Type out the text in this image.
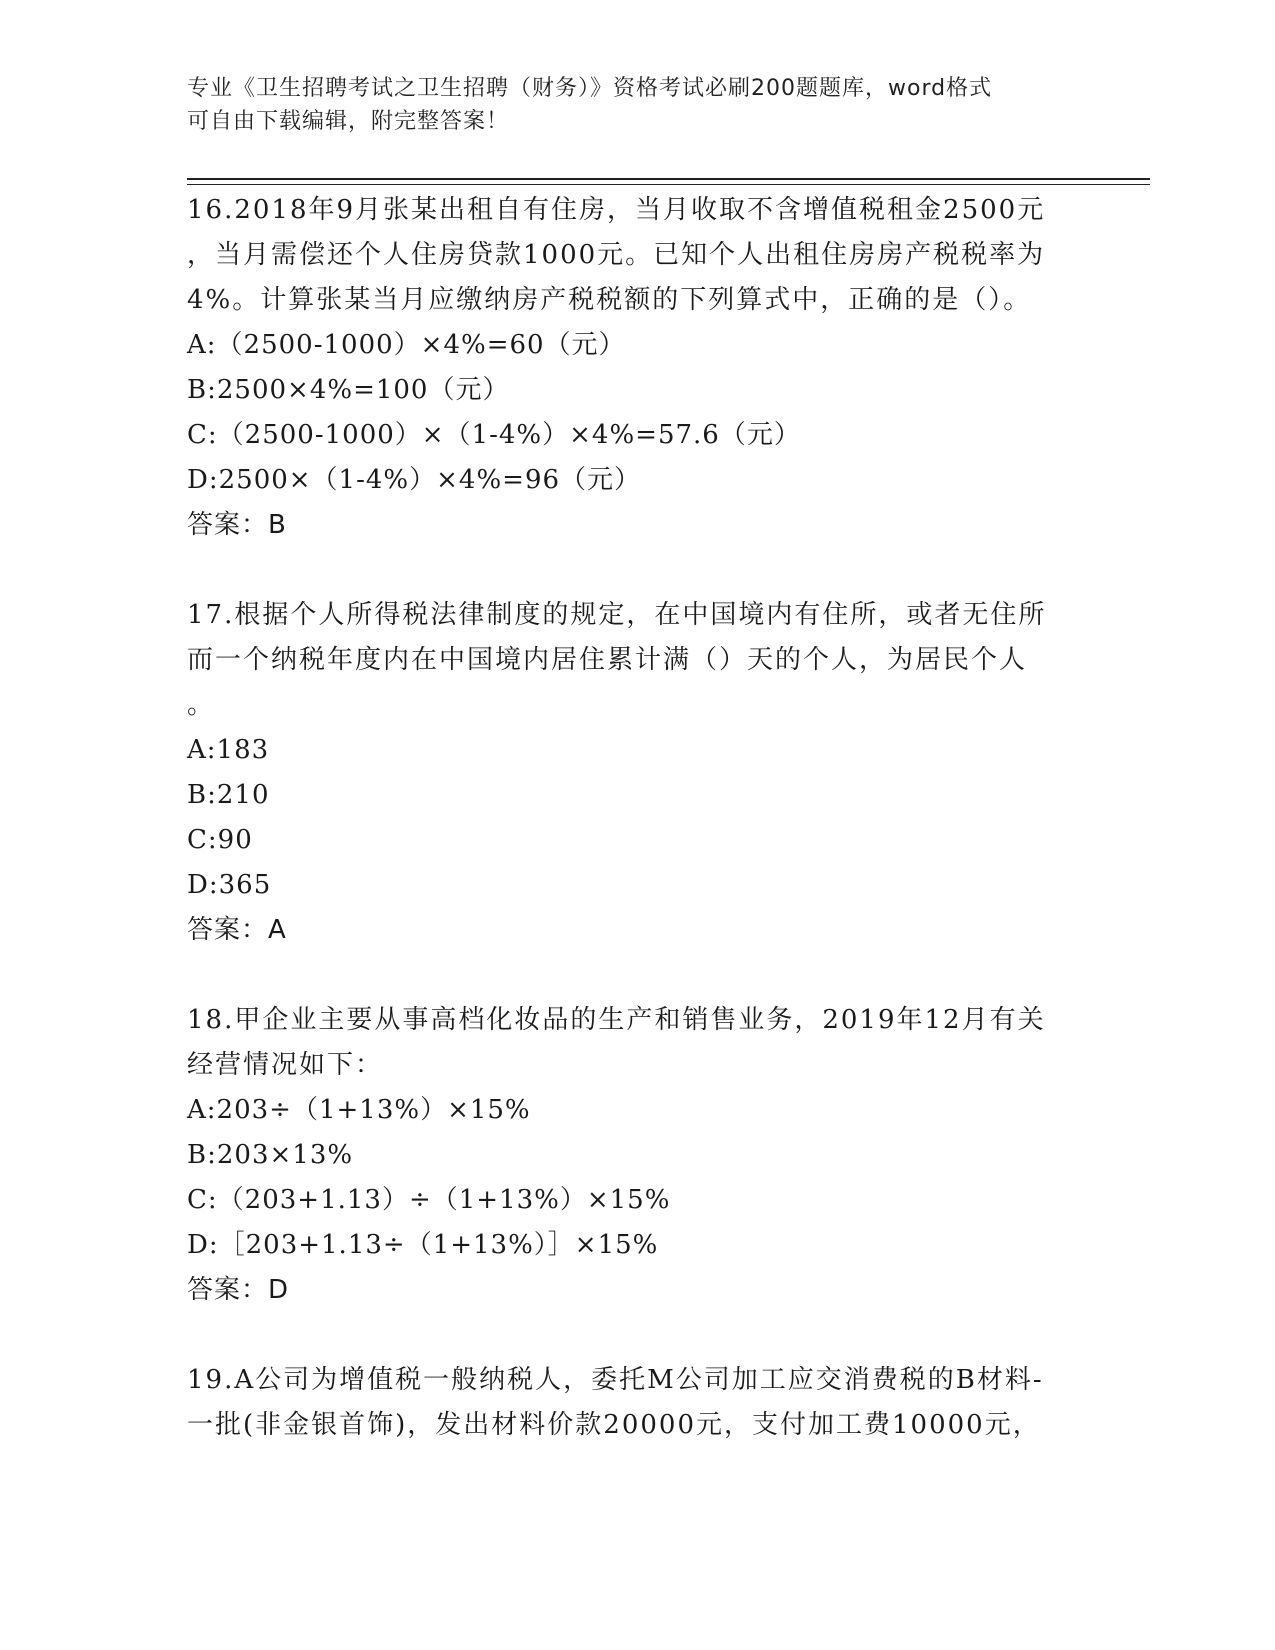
专业《卫生招聘考试之卫生招聘（财务）》资格考试必刷200题题库，word格式
可自由下载编辑，附完整答案！

16.2018年9月张某出租自有住房，当月收取不含增值税租金2500元

，当月需偿还个人住房贷款1000元。已知个人出租住房房产税税率为

4%。计算张某当月应缴纳房产税税额的下列算式中，正确的是（）。

A:（2500-1000）×4%=60（元）

B:2500×4%=100（元）

C:（2500-1000）×（1-4%）×4%=57.6（元）

D:2500×（1-4%）×4%=96（元）

答案：B

17.根据个人所得税法律制度的规定，在中国境内有住所，或者无住所

而一个纳税年度内在中国境内居住累计满（）天的个人，为居民个人

。

A:183

B:210

C:90

D:365

答案：A

18.甲企业主要从事高档化妆品的生产和销售业务，2019年12月有关

经营情况如下：

A:203÷（1+13%）×15%

B:203×13%

C:（203+1.13）÷（1+13%）×15%

D:［203+1.13÷（1+13%）］×15%

答案：D

19.A公司为增值税一般纳税人，委托M公司加工应交消费税的B材料-

一批(非金银首饰)，发出材料价款20000元，支付加工费10000元，
